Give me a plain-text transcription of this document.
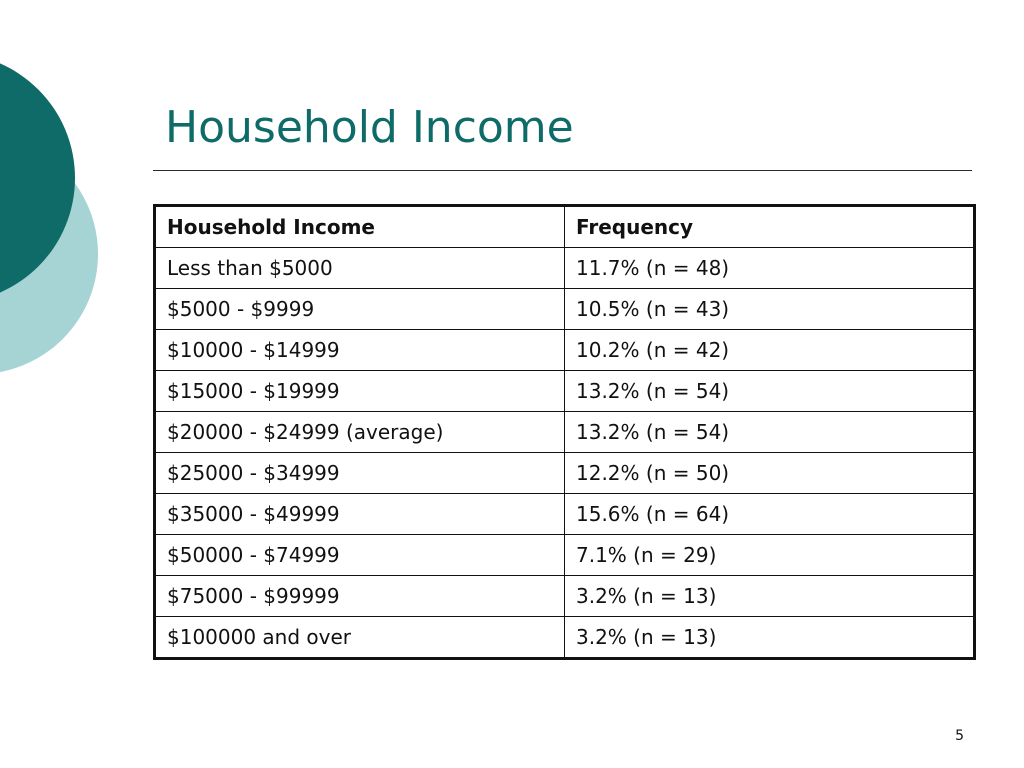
Household Income
Household Income	Frequency
Less than $5000	11.7% (n = 48)
$5000 - $9999	10.5% (n = 43)
$10000 - $14999	10.2% (n = 42)
$15000 - $19999	13.2% (n = 54)
$20000 - $24999 (average)	13.2% (n = 54)
$25000 - $34999	12.2% (n = 50)
$35000 - $49999	15.6% (n = 64)
$50000 - $74999	7.1% (n = 29)
$75000 - $99999	3.2% (n = 13)
$100000 and over	3.2% (n = 13)
5
